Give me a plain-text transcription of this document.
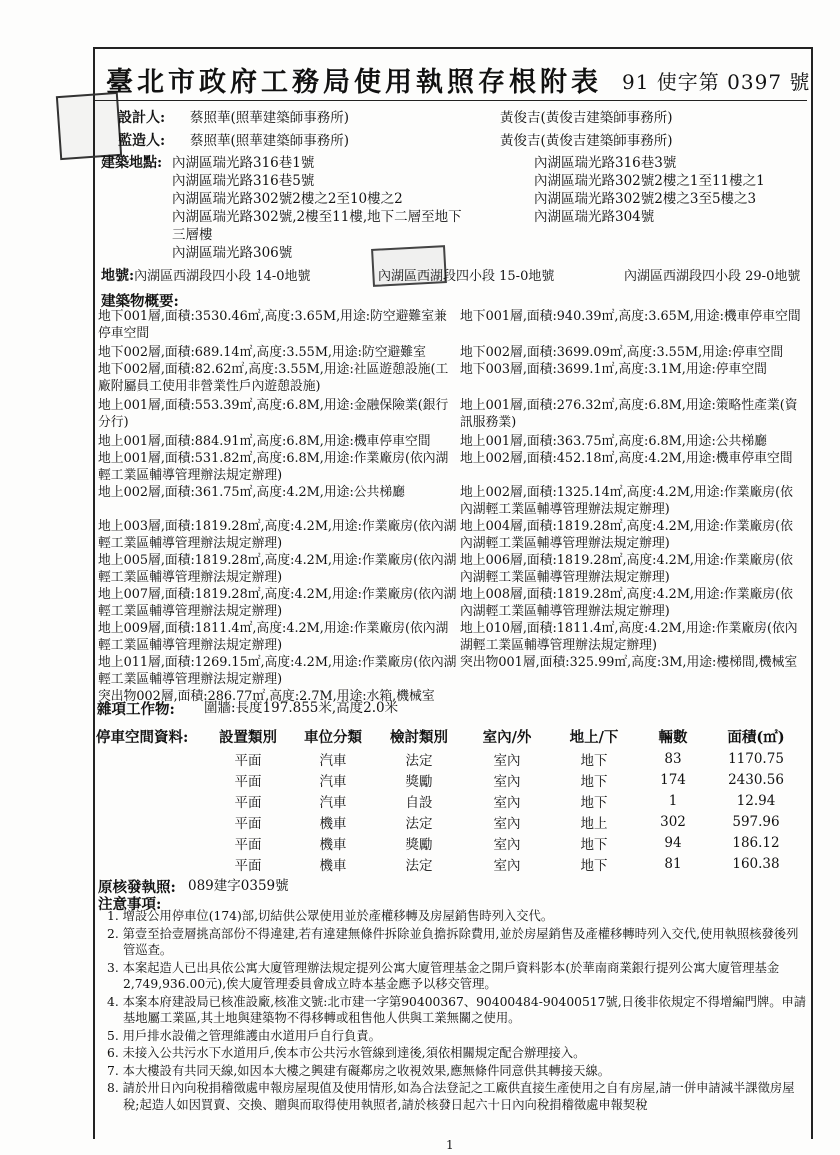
臺北市政府工務局使用執照存根附表 91 使字第 0397 號
設計人: 蔡照華(照華建築師事務所)	黃俊吉(黃俊吉建築師事務所)
監造人: 蔡照華(照華建築師事務所)	黃俊吉(黃俊吉建築師事務所)
建築地點: 內湖區瑞光路316巷1號
內湖區瑞光路316巷5號
內湖區瑞光路302號2樓之2至10樓之2
內湖區瑞光路302號,2樓至11樓,地下二層至地下
三層樓
內湖區瑞光路306號
內湖區瑞光路316巷3號
內湖區瑞光路302號2樓之1至11樓之1
內湖區瑞光路302號2樓之3至5樓之3
內湖區瑞光路304號
地號:內湖區西湖段四小段 14-0地號	內湖區西湖段四小段 15-0地號	內湖區西湖段四小段 29-0地號
建築物概要:
地下001層,面積:3530.46㎡,高度:3.65M,用途:防空避難室兼停車空間
地下002層,面積:689.14㎡,高度:3.55M,用途:防空避難室
地下002層,面積:82.62㎡,高度:3.55M,用途:社區遊憩設施(工廠附屬員工使用非營業性戶內遊憩設施)
地上001層,面積:553.39㎡,高度:6.8M,用途:金融保險業(銀行分行)
地上001層,面積:884.91㎡,高度:6.8M,用途:機車停車空間
地上001層,面積:531.82㎡,高度:6.8M,用途:作業廠房(依內湖輕工業區輔導管理辦法規定辦理)
地上002層,面積:361.75㎡,高度:4.2M,用途:公共梯廳
地上003層,面積:1819.28㎡,高度:4.2M,用途:作業廠房(依內湖輕工業區輔導管理辦法規定辦理)
地上005層,面積:1819.28㎡,高度:4.2M,用途:作業廠房(依內湖輕工業區輔導管理辦法規定辦理)
地上007層,面積:1819.28㎡,高度:4.2M,用途:作業廠房(依內湖輕工業區輔導管理辦法規定辦理)
地上009層,面積:1811.4㎡,高度:4.2M,用途:作業廠房(依內湖輕工業區輔導管理辦法規定辦理)
地上011層,面積:1269.15㎡,高度:4.2M,用途:作業廠房(依內湖輕工業區輔導管理辦法規定辦理)
突出物002層,面積:286.77㎡,高度:2.7M,用途:水箱,機械室
地下001層,面積:940.39㎡,高度:3.65M,用途:機車停車空間
地下002層,面積:3699.09㎡,高度:3.55M,用途:停車空間
地下003層,面積:3699.1㎡,高度:3.1M,用途:停車空間
地上001層,面積:276.32㎡,高度:6.8M,用途:策略性產業(資訊服務業)
地上001層,面積:363.75㎡,高度:6.8M,用途:公共梯廳
地上002層,面積:452.18㎡,高度:4.2M,用途:機車停車空間
地上002層,面積:1325.14㎡,高度:4.2M,用途:作業廠房(依內湖輕工業區輔導管理辦法規定辦理)
地上004層,面積:1819.28㎡,高度:4.2M,用途:作業廠房(依內湖輕工業區輔導管理辦法規定辦理)
地上006層,面積:1819.28㎡,高度:4.2M,用途:作業廠房(依內湖輕工業區輔導管理辦法規定辦理)
地上008層,面積:1819.28㎡,高度:4.2M,用途:作業廠房(依內湖輕工業區輔導管理辦法規定辦理)
地上010層,面積:1811.4㎡,高度:4.2M,用途:作業廠房(依內湖輕工業區輔導管理辦法規定辦理)
突出物001層,面積:325.99㎡,高度:3M,用途:樓梯間,機械室
雜項工作物: 圍牆:長度197.855米,高度2.0米
停車空間資料:	設置類別	車位分類	檢討類別	室內/外	地上/下	輛數	面積(㎡)
	平面	汽車	法定	室內	地下	83	1170.75
	平面	汽車	獎勵	室內	地下	174	2430.56
	平面	汽車	自設	室內	地下	1	12.94
	平面	機車	法定	室內	地上	302	597.96
	平面	機車	獎勵	室內	地下	94	186.12
	平面	機車	法定	室內	地下	81	160.38
原核發執照: 089建字0359號
注意事項:

1. 增設公用停車位(174)部,切結供公眾使用並於產權移轉及房屋銷售時列入交代。

2. 第壹至拾壹層挑高部份不得違建,若有違建無條件拆除並負擔拆除費用,並於房屋銷售及產權移轉時列入交代,使用執照核發後列管巡查。

3. 本案起造人已出具依公寓大廈管理辦法規定提列公寓大廈管理基金之開戶資料影本(於華南商業銀行提列公寓大廈管理基金2,749,936.00元),俟大廈管理委員會成立時本基金應予以移交管理。

4. 本案本府建設局已核准設廠,核准文號:北市建一字第90400367、90400484-90400517號,日後非依規定不得增編門牌。申請基地屬工業區,其土地與建築物不得移轉或租售他人供與工業無關之使用。

5. 用戶排水設備之管理維護由水道用戶自行負責。

6. 未接入公共污水下水道用戶,俟本市公共污水管線到達後,須依相關規定配合辦理接入。

7. 本大樓設有共同天線,如因本大樓之興建有礙鄰房之收視效果,應無條件同意供其轉接天線。

8. 請於卅日內向稅捐稽徵處申報房屋現值及使用情形,如為合法登記之工廠供直接生產使用之自有房屋,請一併申請減半課徵房屋稅;起造人如因買賣、交換、贈與而取得使用執照者,請於核發日起六十日內向稅捐稽徵處申報契稅

1
